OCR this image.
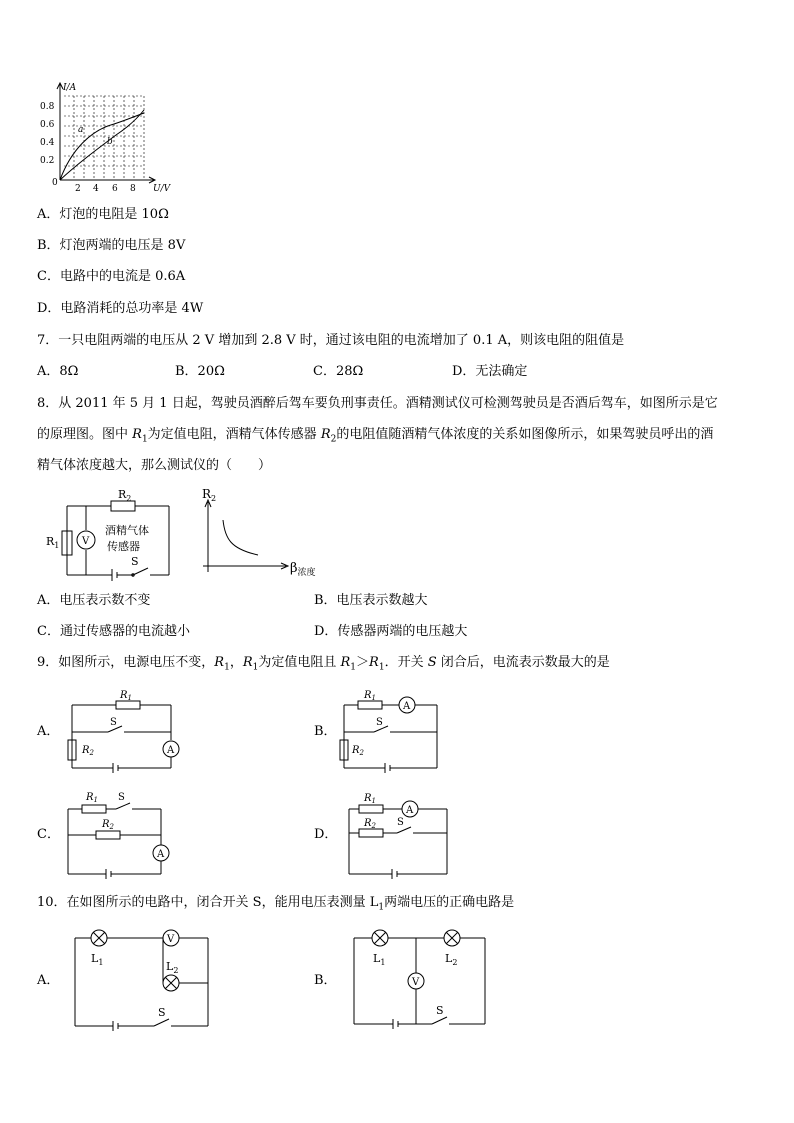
I/A
U/V
0
0.8
0.6
0.4
0.2
2 4 6 8
a
b
A．灯泡的电阻是 10Ω
B．灯泡两端的电压是 8V
C．电路中的电流是 0.6A
D．电路消耗的总功率是 4W
7．一只电阻两端的电压从 2 V 增加到 2.8 V 时，通过该电阻的电流增加了 0.1 A，则该电阻的阻值是
A．8Ω	B．20Ω	C．28Ω	D．无法确定
8．从 2011 年 5 月 1 日起，驾驶员酒醉后驾车要负刑事责任。酒精测试仪可检测驾驶员是否酒后驾车，如图所示是它
的原理图。图中 $R_1$为定值电阻，酒精气体传感器 $R_2$的电阻值随酒精气体浓度的关系如图像所示，如果驾驶员呼出的酒
精气体浓度越大，那么测试仪的（　　）
$R_2$
$R_1$ V
酒精气体
传感器
S
$R_2$
$\beta_{浓度}$
A．电压表示数不变	B．电压表示数越大
C．通过传感器的电流越小	D．传感器两端的电压越大
9．如图所示，电源电压不变，$R_1$，$R_1$为定值电阻且 $R_1>R_1$．开关 S 闭合后，电流表示数最大的是
A．
$R_1$
S
$R_2$	A
B．
$R_1$
A
S
$R_2$
C．
$R_1$ S
$R_2$
A
D．
$R_1$
A
$R_2$ S
10．在如图所示的电路中，闭合开关 S，能用电压表测量 $L_1$两端电压的正确电路是
A．
$L_1$
V
$L_2$
S
B．
$L_1$	$L_2$
V
S
